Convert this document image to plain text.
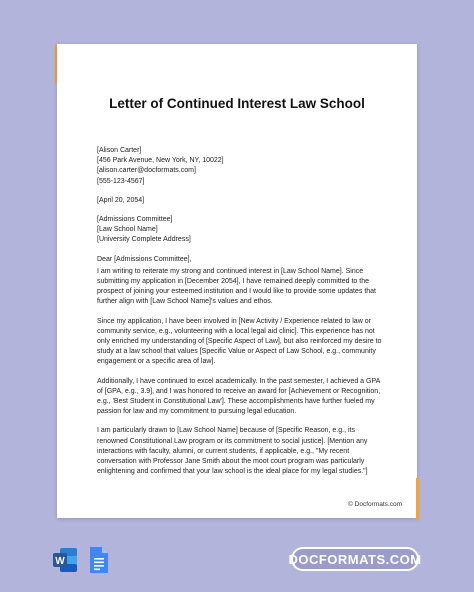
Letter of Continued Interest Law School

[Alison Carter]

[456 Park Avenue, New York, NY, 10022]

[alison.carter@docformats.com]

[555-123-4567]

[April 20, 2054]

[Admissions Committee]

[Law School Name]

[University Complete Address]

Dear [Admissions Committee],

I am writing to reiterate my strong and continued interest in [Law School Name]. Since submitting my application in [December 2054], I have remained deeply committed to the prospect of joining your esteemed institution and I would like to provide some updates that further align with [Law School Name]'s values and ethos.

Since my application, I have been involved in [New Activity / Experience related to law or community service, e.g., volunteering with a local legal aid clinic]. This experience has not only enriched my understanding of [Specific Aspect of Law], but also reinforced my desire to study at a law school that values [Specific Value or Aspect of Law School, e.g., community engagement or a specific area of law].

Additionally, I have continued to excel academically. In the past semester, I achieved a GPA of [GPA, e.g., 3.9], and I was honored to receive an award for [Achievement or Recognition, e.g., 'Best Student in Constitutional Law']. These accomplishments have further fueled my passion for law and my commitment to pursuing legal education.

I am particularly drawn to [Law School Name] because of [Specific Reason, e.g., its renowned Constitutional Law program or its commitment to social justice]. [Mention any interactions with faculty, alumni, or current students, if applicable, e.g., "My recent conversation with Professor Jane Smith about the moot court program was particularly enlightening and confirmed that your law school is the ideal place for my legal studies."]

© Docformats.com
W	DOCFORMATS.COM
